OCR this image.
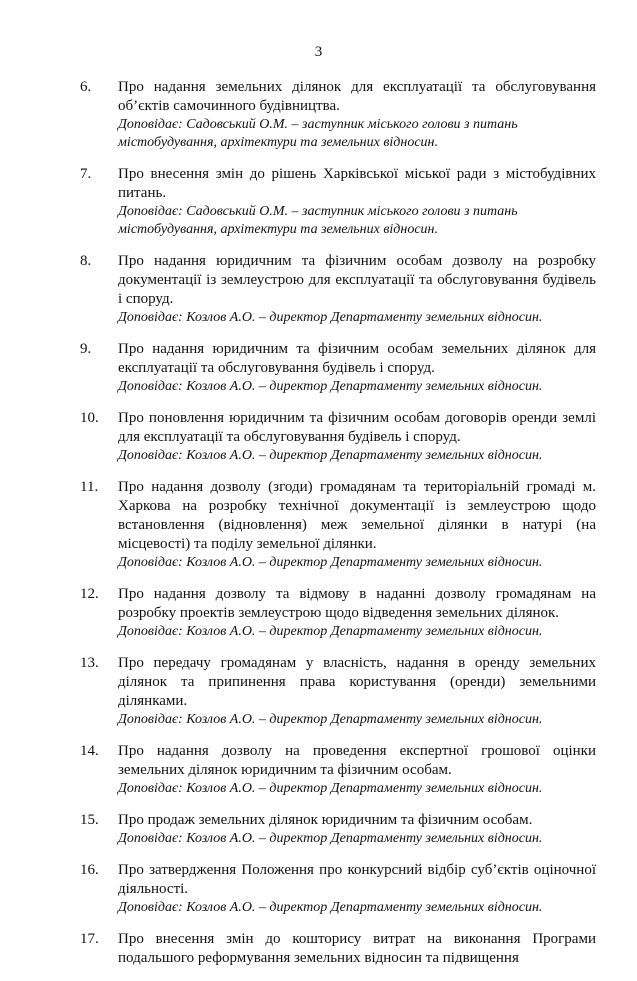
3
6. Про надання земельних ділянок для експлуатації та обслуговування об’єктів самочинного будівництва.
Доповідає: Садовський О.М. – заступник міського голови з питань містобудування, архітектури та земельних відносин.
7. Про внесення змін до рішень Харківської міської ради з містобудівних питань.
Доповідає: Садовський О.М. – заступник міського голови з питань містобудування, архітектури та земельних відносин.
8. Про надання юридичним та фізичним особам дозволу на розробку документації із землеустрою для експлуатації та обслуговування будівель і споруд.
Доповідає: Козлов А.О. – директор Департаменту земельних відносин.
9. Про надання юридичним та фізичним особам земельних ділянок для експлуатації та обслуговування будівель і споруд.
Доповідає: Козлов А.О. – директор Департаменту земельних відносин.
10. Про поновлення юридичним та фізичним особам договорів оренди землі для експлуатації та обслуговування будівель і споруд.
Доповідає: Козлов А.О. – директор Департаменту земельних відносин.
11. Про надання дозволу (згоди) громадянам та територіальній громаді м. Харкова на розробку технічної документації із землеустрою щодо встановлення (відновлення) меж земельної ділянки в натурі (на місцевості) та поділу земельної ділянки.
Доповідає: Козлов А.О. – директор Департаменту земельних відносин.
12. Про надання дозволу та відмову в наданні дозволу громадянам на розробку проектів землеустрою щодо відведення земельних ділянок.
Доповідає: Козлов А.О. – директор Департаменту земельних відносин.
13. Про передачу громадянам у власність, надання в оренду земельних ділянок та припинення права користування (оренди) земельними ділянками.
Доповідає: Козлов А.О. – директор Департаменту земельних відносин.
14. Про надання дозволу на проведення експертної грошової оцінки земельних ділянок юридичним та фізичним особам.
Доповідає: Козлов А.О. – директор Департаменту земельних відносин.
15. Про продаж земельних ділянок юридичним та фізичним особам.
Доповідає: Козлов А.О. – директор Департаменту земельних відносин.
16. Про затвердження Положення про конкурсний відбір суб’єктів оціночної діяльності.
Доповідає: Козлов А.О. – директор Департаменту земельних відносин.
17. Про внесення змін до кошторису витрат на виконання Програми подальшого реформування земельних відносин та підвищення
